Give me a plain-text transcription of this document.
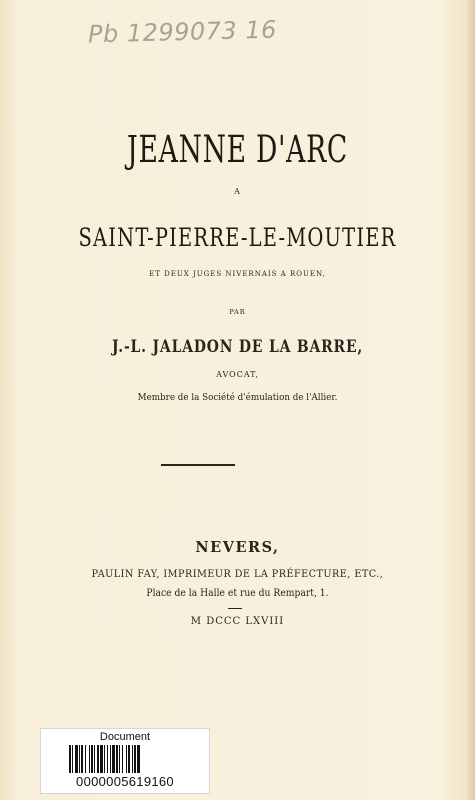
Pb 1299073 16
JEANNE D'ARC
A
SAINT-PIERRE-LE-MOUTIER
ET DEUX JUGES NIVERNAIS A ROUEN,
PAR
J.-L. JALADON DE LA BARRE,
AVOCAT,
Membre de la Société d'émulation de l'Allier.
NEVERS,
PAULIN FAY, IMPRIMEUR DE LA PRÉFECTURE, ETC.,
Place de la Halle et rue du Rempart, 1.
M DCCC LXVIII
Document
0000005619160
